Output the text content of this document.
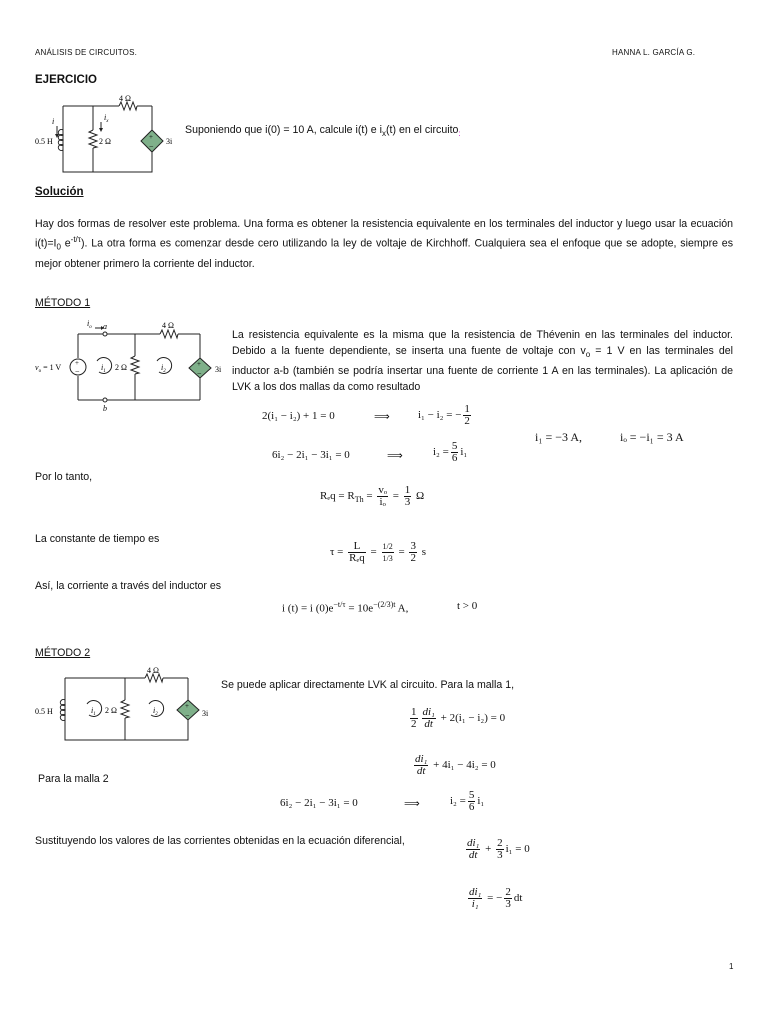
ANÁLISIS DE CIRCUITOS.	HANNA L. GARCÍA G.
EJERCICIO
+
−
4 Ω
0.5 H	2 Ω	3i
i	$i_x$
Suponiendo que i(0) = 10 A, calcule i(t) e $i_x(t)$ en el circuito$_:$
Solución
Hay dos formas de resolver este problema. Una forma es obtener la resistencia equivalente en los terminales del inductor y luego usar la ecuación $i(t)=I_0$ $e^{-t/\tau}$). La otra forma es comenzar desde cero utilizando la ley de voltaje de Kirchhoff. Cualquiera sea el enfoque que se adopte, siempre es mejor obtener primero la corriente del inductor.
MÉTODO 1
+
−
+
−
$i_o$ a
b
4 Ω
$v_o = 1$ V	$i_1$ 2 Ω	$i_2$	3i
La resistencia equivalente es la misma que la resistencia de Thévenin en las terminales del inductor. Debido a la fuente dependiente, se inserta una fuente de voltaje con $v_o = 1$ V en las terminales del inductor a-b (también se podría insertar una fuente de corriente 1 A en las terminales). La aplicación de LVK a los dos mallas da como resultado
2(i₁ − i₂) + 1 = 0	⟹	i₁ − i₂ = − $\frac{1}{2}$
i₁ = −3 A,	iₒ = −i₁ = 3 A
6i₂ − 2i₁ − 3i₁ = 0	⟹	$i_2 = \frac{5}{6} i_1$
Por lo tanto,
$R_eq = R_{Th} = \frac{\text{vₒ}}{\text{iₒ}} = \frac{1}{3}$ Ω
La constante de tiempo es
$\tau = \frac{L}{\text{Rₑq}} = \frac{1/2}{1/3} = \frac{3}{2}$ s
Así, la corriente a través del inductor es
i (t) = i $(0)e^{-t/\tau} = 10e^{-(2/3)t}$ A,	t > 0
MÉTODO 2
+
−
4 Ω
0.5 H	$i_1$ 2 Ω	$i_2$	3i
Se puede aplicar directamente LVK al circuito. Para la malla 1,
$\frac{1}{2} \frac{\text{di₁}}{dt} + 2(i_1 - i_2) = 0$
$\frac{\text{di₁}}{dt} + 4i_1 - 4i_2 = 0$
Para la malla 2
6i₂ − 2i₁ − 3i₁ = 0	⟹	$i_2 = \frac{5}{6} i_1$
Sustituyendo los valores de las corrientes obtenidas en la ecuación diferencial,	$\frac{\text{di₁}}{dt} + \frac{2}{3} i_1 = 0$
$\frac{\text{di₁}}{\text{i₁}}$ = − $\frac{2}{3}$ dt
1
